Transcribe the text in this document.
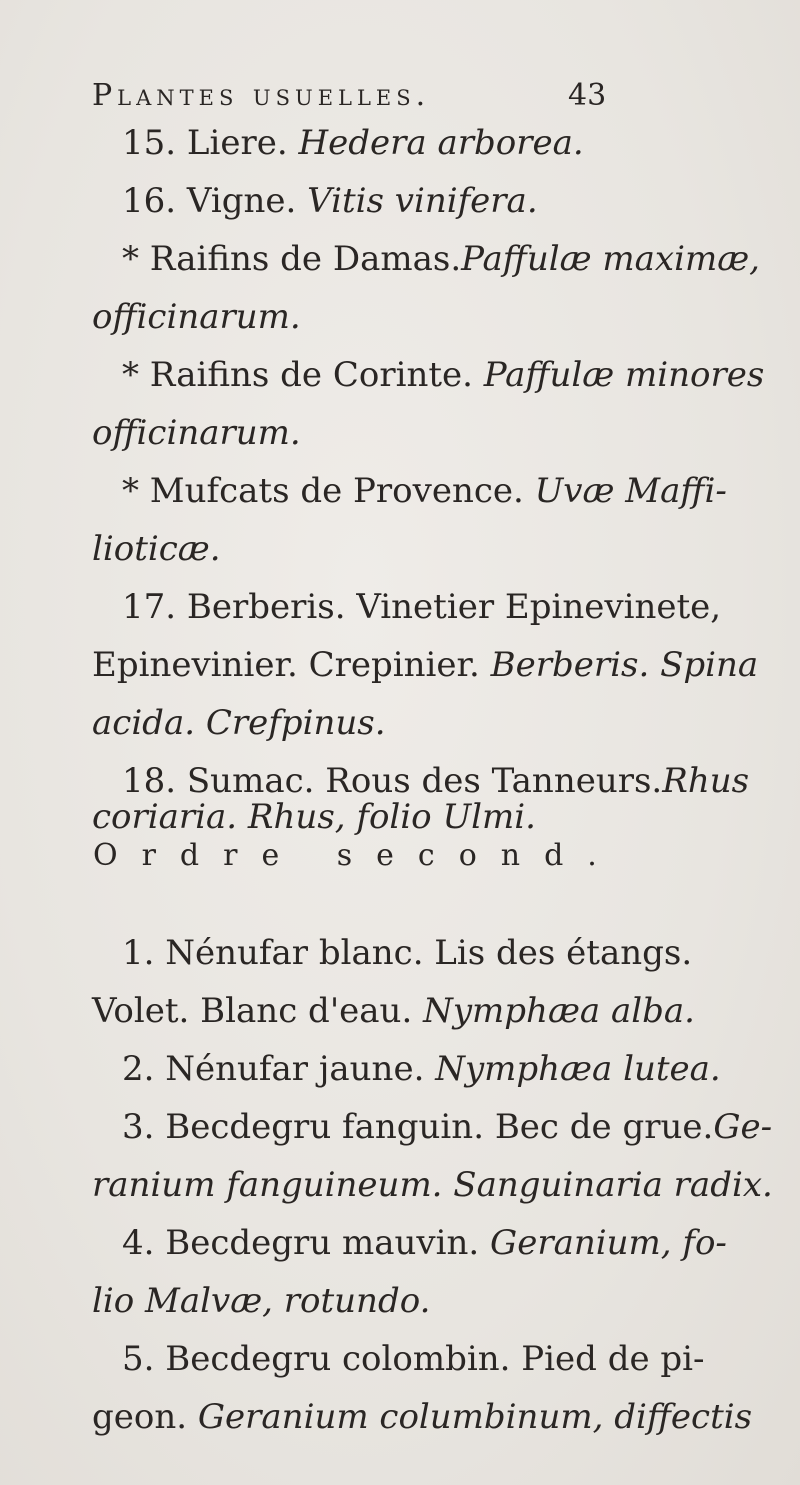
Plantes usuelles.	43
15. Liere. Hedera arborea.
16. Vigne. Vitis vinifera.
* Raifins de Damas.Paffulæ maximæ,
officinarum.
* Raifins de Corinte. Paffulæ minores
officinarum.
* Mufcats de Provence. Uvæ Maffi-
lioticæ.
17. Berberis. Vinetier Epinevinete,
Epinevinier. Crepinier. Berberis. Spina
acida. Crefpinus.
18. Sumac. Rous des Tanneurs.Rhus
coriaria. Rhus, folio Ulmi.
Ordre second.
1. Nénufar blanc. Lis des étangs.
Volet. Blanc d'eau. Nymphæa alba.
2. Nénufar jaune. Nymphæa lutea.
3. Becdegru fanguin. Bec de grue.Ge-
ranium fanguineum. Sanguinaria radix.
4. Becdegru mauvin. Geranium, fo-
lio Malvæ, rotundo.
5. Becdegru colombin. Pied de pi-
geon. Geranium columbinum, diffectis
